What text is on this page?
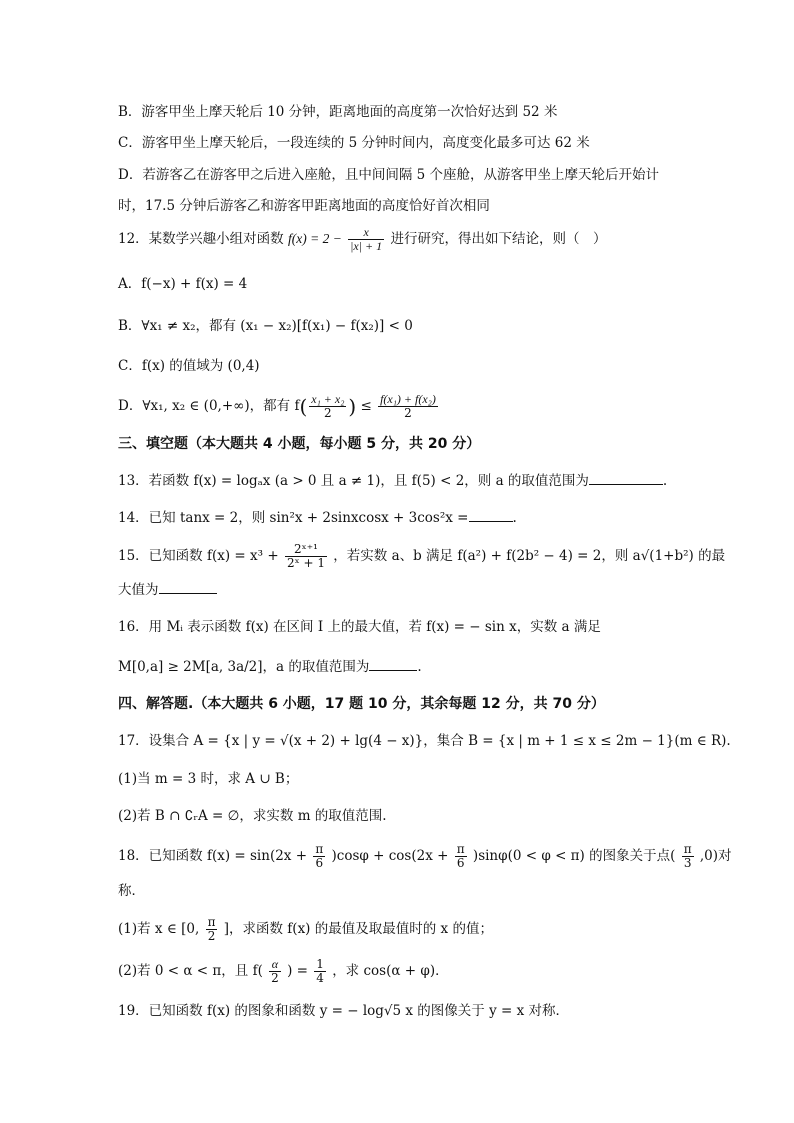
B．游客甲坐上摩天轮后 10 分钟，距离地面的高度第一次恰好达到 52 米
C．游客甲坐上摩天轮后，一段连续的 5 分钟时间内，高度变化最多可达 62 米
D．若游客乙在游客甲之后进入座舱，且中间间隔 5 个座舱，从游客甲坐上摩天轮后开始计
时，17.5 分钟后游客乙和游客甲距离地面的高度恰好首次相同
12．某数学兴趣小组对函数 $f(x) = 2 - \frac{x}{|x| + 1}$ 进行研究，得出如下结论，则（　）
A．f(−x) + f(x) = 4
B．∀x₁ ≠ x₂，都有 (x₁ − x₂)[f(x₁) − f(x₂)] < 0
C．f(x) 的值域为 (0,4)
D．∀x₁, x₂ ∈ (0,+∞)，都有 $f( \frac{\text{x₁ + x₂}}{2}$ ) ≤ $\frac{\text{f(x₁) + f(x₂)}}{2}$
三、填空题（本大题共 4 小题，每小题 5 分，共 20 分）
13．若函数 f(x) = logₐx (a > 0 且 a ≠ 1)，且 f(5) < 2，则 a 的取值范围为	.
14．已知 tanx = 2，则 sin²x + 2sinxcosx + 3cos²x =	.
15．已知函数 $f(x) = x^3 + \frac{\text{2ˣ⁺¹}}{\text{2ˣ + 1}}$ ，若实数 a、b 满足 f(a²) + f(2b² − 4) = 2，则 a√(1+b²) 的最
大值为
16．用 Mᵢ 表示函数 f(x) 在区间 I 上的最大值，若 f(x) = − sin x，实数 a 满足
M[0,a] ≥ 2M[a, 3a/2]，a 的取值范围为	.
四、解答题.（本大题共 6 小题，17 题 10 分，其余每题 12 分，共 70 分）
17．设集合 A = {x | y = √(x + 2) + lg(4 − x)}，集合 B = {x | m + 1 ≤ x ≤ 2m − 1}(m ∈ R).
(1)当 m = 3 时，求 A ∪ B；
(2)若 B ∩ ∁ᵣA = ∅，求实数 m 的取值范围.
18．已知函数 $f(x) = \sin(2x + \frac{\pi}{6} )\cos\varphi + \cos(2x + \frac{\pi}{6} )\sin\varphi(0 < \varphi < \pi)$ 的图象关于点( $\frac{\pi}{3} ,0$)对
称．
(1)若 x ∈ [0, $\frac{\pi}{2}$ ]，求函数 f(x) 的最值及取最值时的 x 的值；
(2)若 0 < α < π，且 $f( \frac{\alpha}{2}$ ) = $\frac{1}{4}$ ，求 cos(α + φ)．
19．已知函数 f(x) 的图象和函数 y = − log√5 x 的图像关于 y = x 对称．
